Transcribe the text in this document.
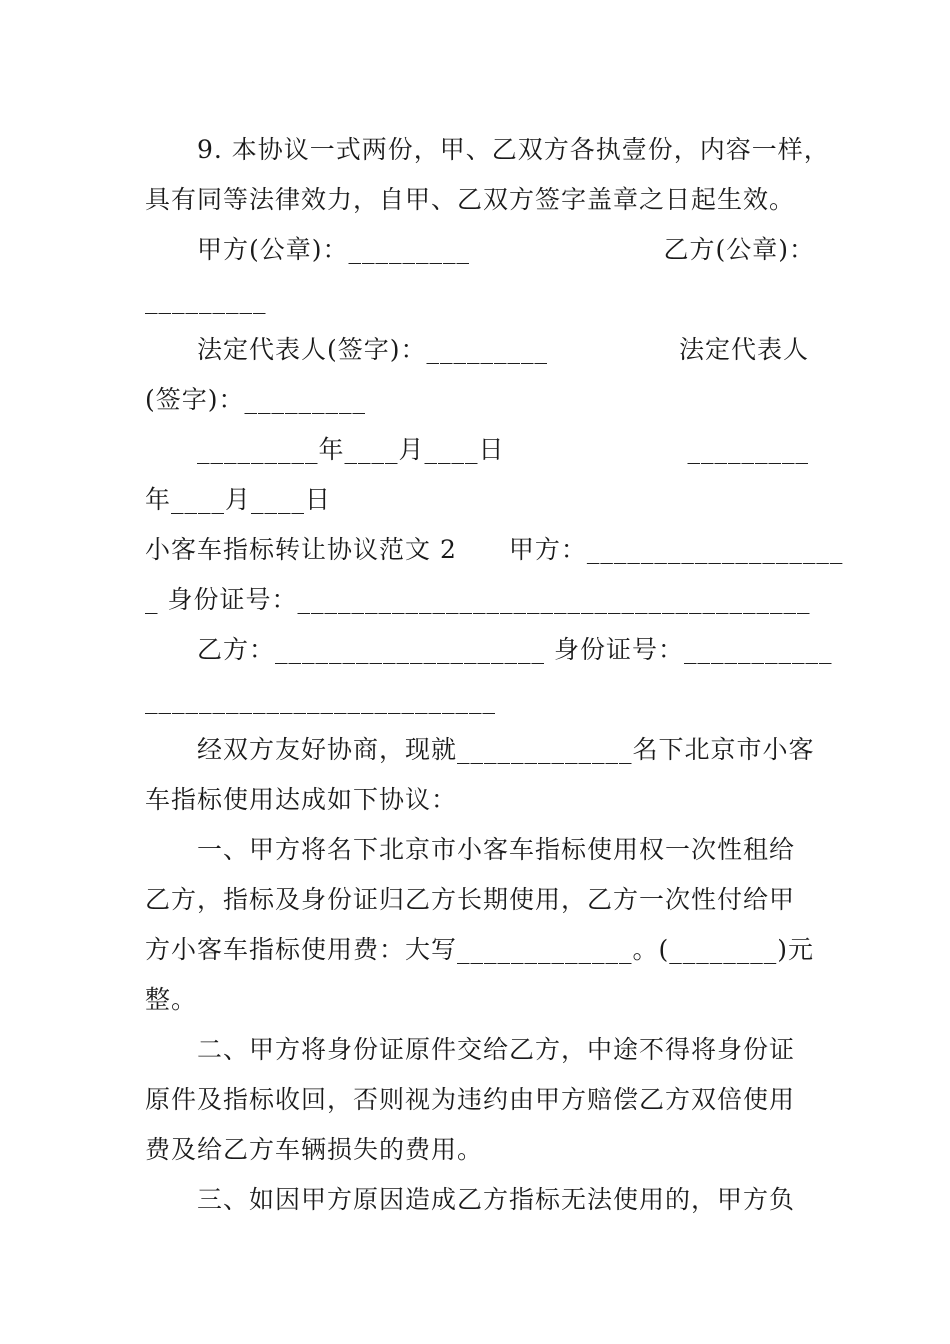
9. 本协议一式两份，甲、乙双方各执壹份，内容一样，
具有同等法律效力，自甲、乙双方签字盖章之日起生效。
甲方(公章)：_________	乙方(公章)：
_________
法定代表人(签字)：_________	法定代表人
(签字)：_________
_________年____月____日	_________
年____月____日
小客车指标转让协议范文 2　　甲方：___________________
_ 身份证号：______________________________________
乙方：____________________ 身份证号：___________
__________________________
经双方友好协商，现就_____________名下北京市小客
车指标使用达成如下协议：
一、甲方将名下北京市小客车指标使用权一次性租给
乙方，指标及身份证归乙方长期使用，乙方一次性付给甲
方小客车指标使用费：大写_____________。(________)元
整。
二、甲方将身份证原件交给乙方，中途不得将身份证
原件及指标收回，否则视为违约由甲方赔偿乙方双倍使用
费及给乙方车辆损失的费用。
三、如因甲方原因造成乙方指标无法使用的，甲方负
